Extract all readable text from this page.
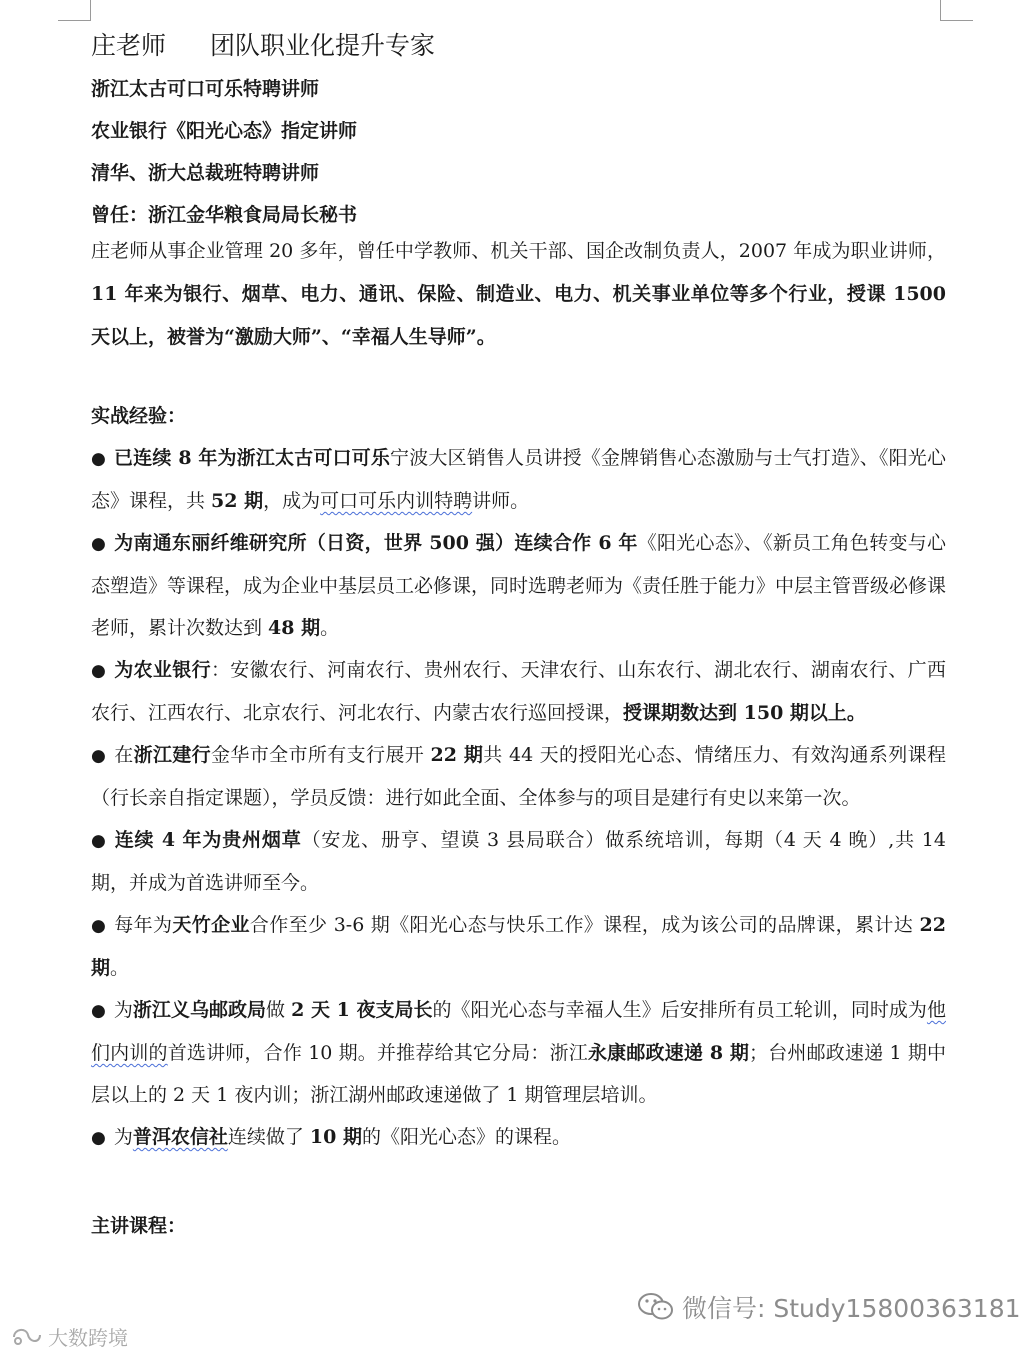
庄老师 团队职业化提升专家
浙江太古可口可乐特聘讲师
农业银行《阳光心态》指定讲师
清华、浙大总裁班特聘讲师
曾任：浙江金华粮食局局长秘书

庄老师从事企业管理 20 多年，曾任中学教师、机关干部、国企改制负责人，2007 年成为职业讲师，11 年来为银行、烟草、电力、通讯、保险、制造业、电力、机关事业单位等多个行业，授课 1500 天以上，被誉为“激励大师”、“幸福人生导师”。

实战经验：

● 已连续 8 年为浙江太古可口可乐宁波大区销售人员讲授《金牌销售心态激励与士气打造》、《阳光心态》课程，共 52 期，成为可口可乐内训特聘讲师。

● 为南通东丽纤维研究所（日资，世界 500 强）连续合作 6 年《阳光心态》、《新员工角色转变与心态塑造》等课程，成为企业中基层员工必修课，同时选聘老师为《责任胜于能力》中层主管晋级必修课老师，累计次数达到 48 期。

● 为农业银行：安徽农行、河南农行、贵州农行、天津农行、山东农行、湖北农行、湖南农行、广西农行、江西农行、北京农行、河北农行、内蒙古农行巡回授课，授课期数达到 150 期以上。

● 在浙江建行金华市全市所有支行展开 22 期共 44 天的授阳光心态、情绪压力、有效沟通系列课程（行长亲自指定课题），学员反馈：进行如此全面、全体参与的项目是建行有史以来第一次。

● 连续 4 年为贵州烟草（安龙、册亨、望谟 3 县局联合）做系统培训，每期（4 天 4 晚）,共 14 期，并成为首选讲师至今。

● 每年为天竹企业合作至少 3-6 期《阳光心态与快乐工作》课程，成为该公司的品牌课，累计达 22 期。

● 为浙江义乌邮政局做 2 天 1 夜支局长的《阳光心态与幸福人生》后安排所有员工轮训，同时成为他们内训的首选讲师，合作 10 期。并推荐给其它分局：浙江永康邮政速递 8 期；台州邮政速递 1 期中层以上的 2 天 1 夜内训；浙江湖州邮政速递做了 1 期管理层培训。

● 为普洱农信社连续做了 10 期的《阳光心态》的课程。

主讲课程：
微信号: Study15800363181
大数跨境
